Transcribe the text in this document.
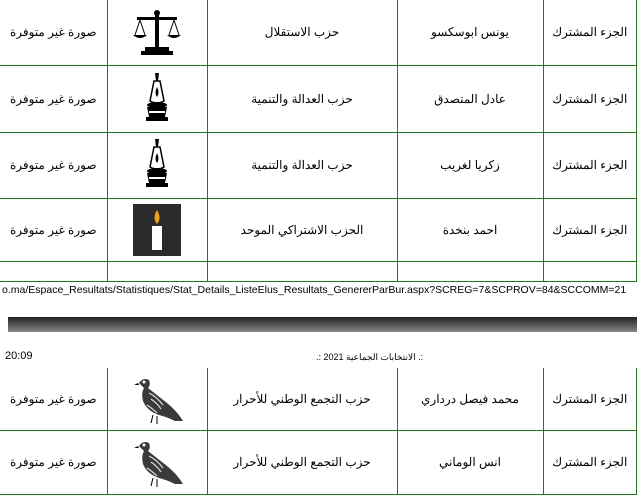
صورة غير متوفرة		حزب الاستقلال	يونس ابوسكسو	الجزء المشترك
صورة غير متوفرة		حزب العدالة والتنمية	عادل المتصدق	الجزء المشترك
صورة غير متوفرة		حزب العدالة والتنمية	زكريا لغريب	الجزء المشترك
صورة غير متوفرة		الحزب الاشتراكي الموحد	احمد بنخدة	الجزء المشترك

o.ma/Espace_Resultats/Statistiques/Stat_Details_ListeElus_Resultats_GenererParBur.aspx?SCREG=7&SCPROV=84&SCCOMM=21
20:09	:. الانتخابات الجماعية 2021 :.
صورة غير متوفرة		حزب التجمع الوطني للأحرار	محمد فيصل درداري	الجزء المشترك
صورة غير متوفرة		حزب التجمع الوطني للأحرار	انس الوماني	الجزء المشترك
